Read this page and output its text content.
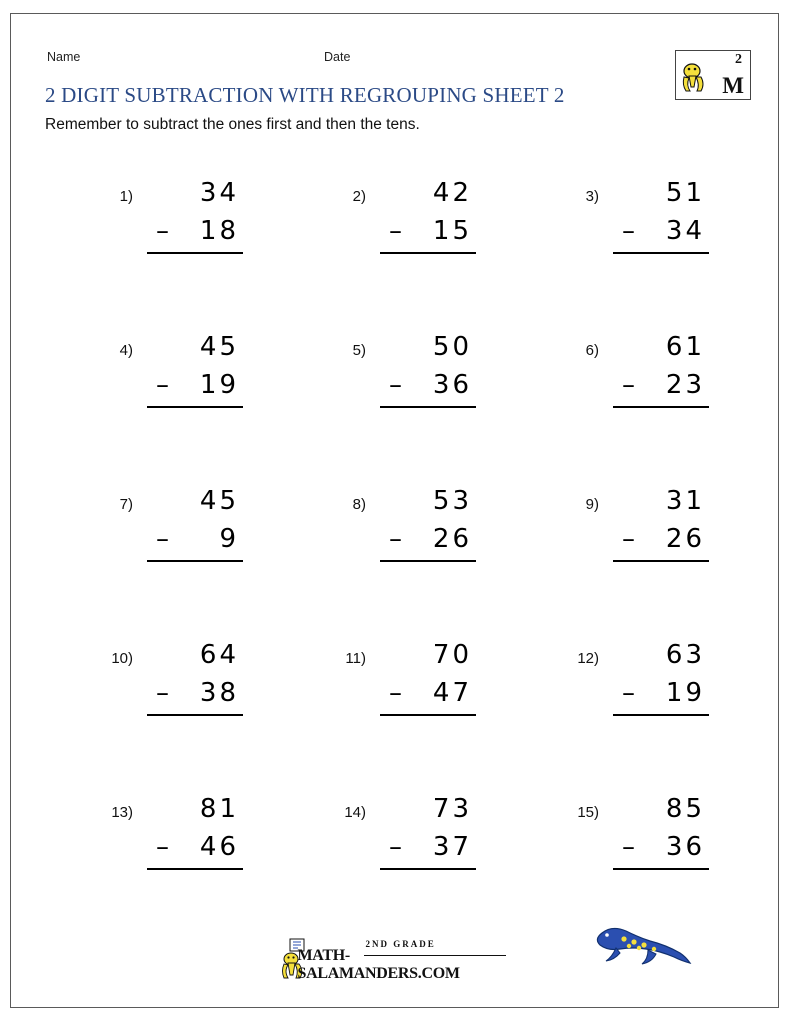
Name	Date
2 DIGIT SUBTRACTION WITH REGROUPING SHEET 2
Remember to subtract the ones first and then the tens.
2
M
1)	34
– 18
2)	42
– 15
3)	51
– 34
4)	45
– 19
5)	50
– 36
6)	61
– 23
7)	45
– 9
8)	53
– 26
9)	31
– 26
10)	64
– 38
11)	70
– 47
12)	63
– 19
13)	81
– 46
14)	73
– 37
15)	85
– 36
2ND GRADE
MATH-SALAMANDERS.COM
